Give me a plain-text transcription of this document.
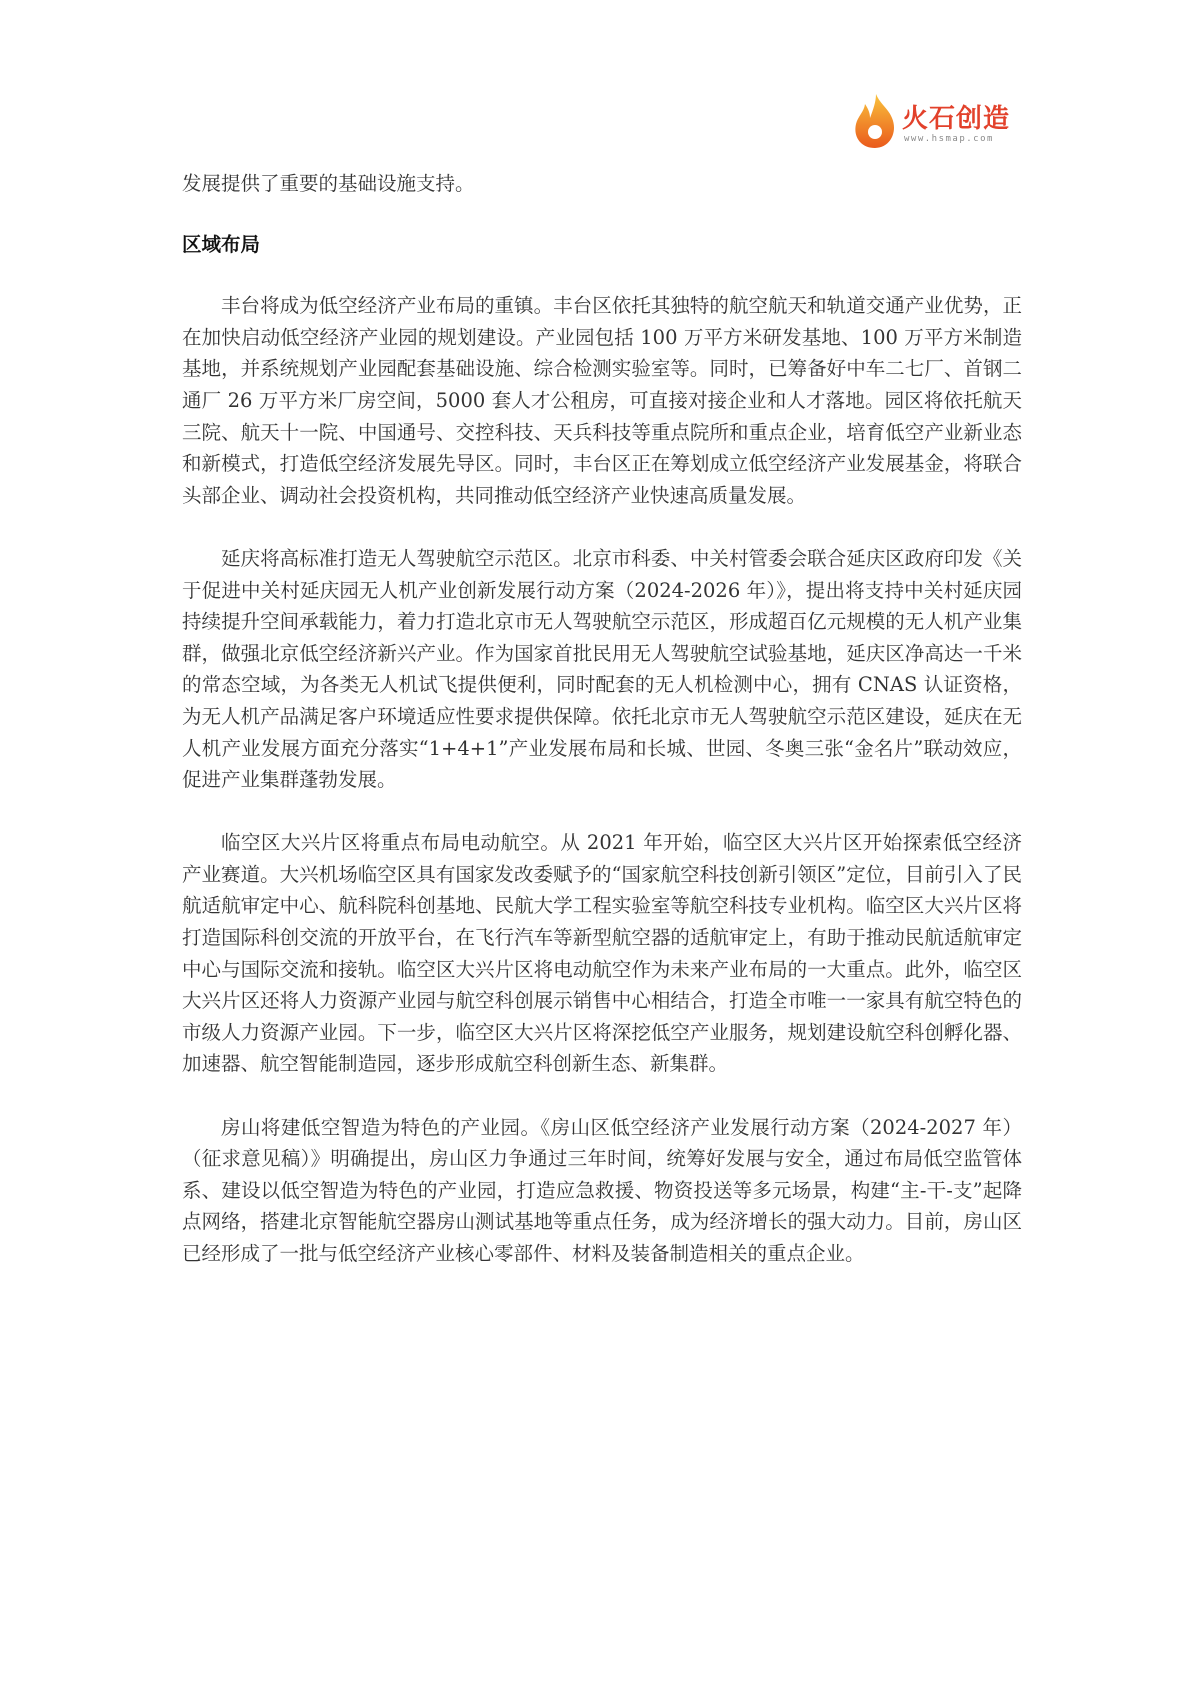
火石创造
www.hsmap.com

发展提供了重要的基础设施支持。

区域布局

丰台将成为低空经济产业布局的重镇。丰台区依托其独特的航空航天和轨道交通产业优势，正在加快启动低空经济产业园的规划建设。产业园包括 100 万平方米研发基地、100 万平方米制造基地，并系统规划产业园配套基础设施、综合检测实验室等。同时，已筹备好中车二七厂、首钢二通厂 26 万平方米厂房空间，5000 套人才公租房，可直接对接企业和人才落地。园区将依托航天三院、航天十一院、中国通号、交控科技、天兵科技等重点院所和重点企业，培育低空产业新业态和新模式，打造低空经济发展先导区。同时，丰台区正在筹划成立低空经济产业发展基金，将联合头部企业、调动社会投资机构，共同推动低空经济产业快速高质量发展。

延庆将高标准打造无人驾驶航空示范区。北京市科委、中关村管委会联合延庆区政府印发《关于促进中关村延庆园无人机产业创新发展行动方案（2024-2026 年）》，提出将支持中关村延庆园持续提升空间承载能力，着力打造北京市无人驾驶航空示范区，形成超百亿元规模的无人机产业集群，做强北京低空经济新兴产业。作为国家首批民用无人驾驶航空试验基地，延庆区净高达一千米的常态空域，为各类无人机试飞提供便利，同时配套的无人机检测中心，拥有 CNAS 认证资格，为无人机产品满足客户环境适应性要求提供保障。依托北京市无人驾驶航空示范区建设，延庆在无人机产业发展方面充分落实“1+4+1”产业发展布局和长城、世园、冬奥三张“金名片”联动效应，促进产业集群蓬勃发展。

临空区大兴片区将重点布局电动航空。从 2021 年开始，临空区大兴片区开始探索低空经济产业赛道。大兴机场临空区具有国家发改委赋予的“国家航空科技创新引领区”定位，目前引入了民航适航审定中心、航科院科创基地、民航大学工程实验室等航空科技专业机构。临空区大兴片区将打造国际科创交流的开放平台，在飞行汽车等新型航空器的适航审定上，有助于推动民航适航审定中心与国际交流和接轨。临空区大兴片区将电动航空作为未来产业布局的一大重点。此外，临空区大兴片区还将人力资源产业园与航空科创展示销售中心相结合，打造全市唯一一家具有航空特色的市级人力资源产业园。下一步，临空区大兴片区将深挖低空产业服务，规划建设航空科创孵化器、加速器、航空智能制造园，逐步形成航空科创新生态、新集群。

房山将建低空智造为特色的产业园。《房山区低空经济产业发展行动方案（2024-2027 年）（征求意见稿）》明确提出，房山区力争通过三年时间，统筹好发展与安全，通过布局低空监管体系、建设以低空智造为特色的产业园，打造应急救援、物资投送等多元场景，构建“主-干-支”起降点网络，搭建北京智能航空器房山测试基地等重点任务，成为经济增长的强大动力。目前，房山区已经形成了一批与低空经济产业核心零部件、材料及装备制造相关的重点企业。
